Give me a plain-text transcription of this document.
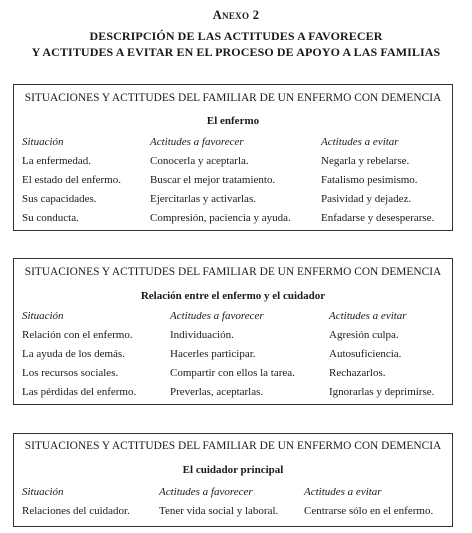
Anexo 2
DESCRIPCIÓN DE LAS ACTITUDES A FAVORECER
Y ACTITUDES A EVITAR EN EL PROCESO DE APOYO A LAS FAMILIAS
SITUACIONES Y ACTITUDES DEL FAMILIAR DE UN ENFERMO CON DEMENCIA
El enfermo
Situación
La enfermedad.
El estado del enfermo.
Sus capacidades.
Su conducta.
Actitudes a favorecer
Conocerla y aceptarla.
Buscar el mejor tratamiento.
Ejercitarlas y activarlas.
Compresión, paciencia y ayuda.
Actitudes a evitar
Negarla y rebelarse.
Fatalismo pesimismo.
Pasividad y dejadez.
Enfadarse y desesperarse.
SITUACIONES Y ACTITUDES DEL FAMILIAR DE UN ENFERMO CON DEMENCIA
Relación entre el enfermo y el cuidador
Situación
Relación con el enfermo.
La ayuda de los demás.
Los recursos sociales.
Las pérdidas del enfermo.
Actitudes a favorecer
Individuación.
Hacerles participar.
Compartir con ellos la tarea.
Preverlas, aceptarlas.
Actitudes a evitar
Agresión culpa.
Autosuficiencia.
Rechazarlos.
Ignorarlas y deprimirse.
SITUACIONES Y ACTITUDES DEL FAMILIAR DE UN ENFERMO CON DEMENCIA
El cuidador principal
Situación
Relaciones del cuidador.
Actitudes a favorecer
Tener vida social y laboral.
Actitudes a evitar
Centrarse sólo en el enfermo.
